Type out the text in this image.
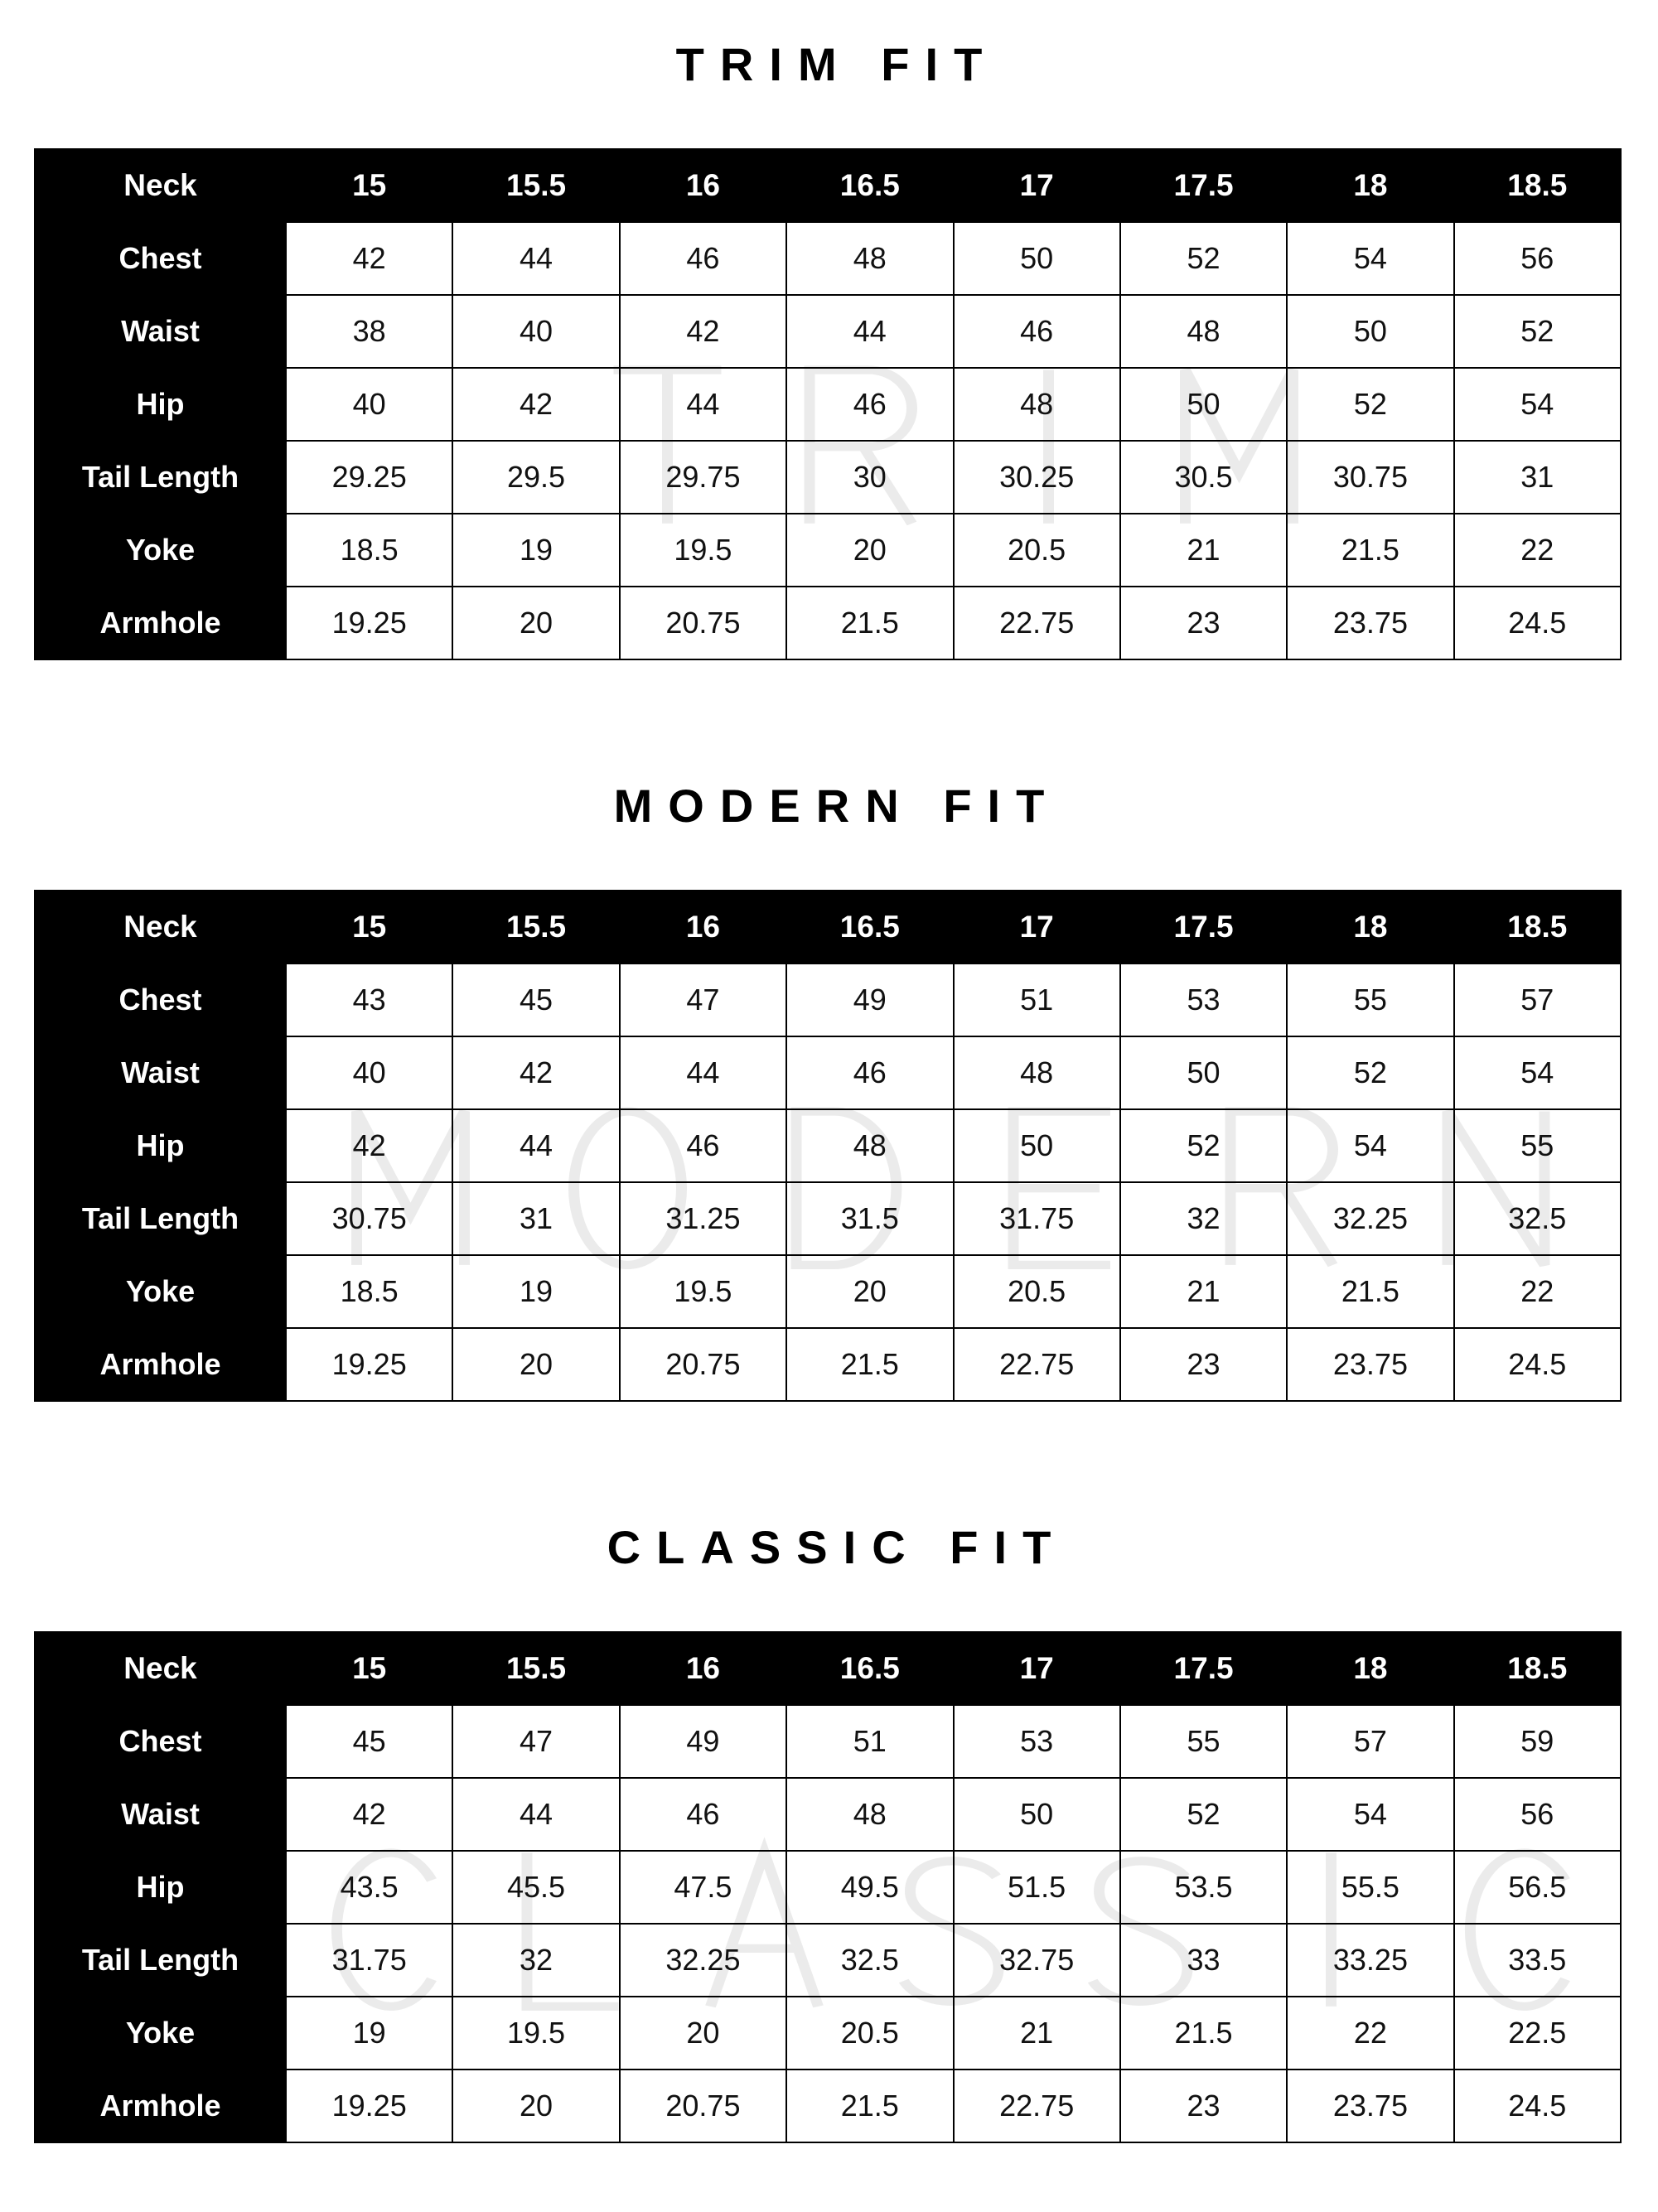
TRIM FIT
Neck	15	15.5	16	16.5	17	17.5	18	18.5
Chest	42	44	46	48	50	52	54	56
Waist	38	40	42	44	46	48	50	52
Hip	40	42	44	46	48	50	52	54
Tail Length	29.25	29.5	29.75	30	30.25	30.5	30.75	31
Yoke	18.5	19	19.5	20	20.5	21	21.5	22
Armhole	19.25	20	20.75	21.5	22.75	23	23.75	24.5
MODERN FIT
Neck	15	15.5	16	16.5	17	17.5	18	18.5
Chest	43	45	47	49	51	53	55	57
Waist	40	42	44	46	48	50	52	54
Hip	42	44	46	48	50	52	54	55
Tail Length	30.75	31	31.25	31.5	31.75	32	32.25	32.5
Yoke	18.5	19	19.5	20	20.5	21	21.5	22
Armhole	19.25	20	20.75	21.5	22.75	23	23.75	24.5
CLASSIC FIT
Neck	15	15.5	16	16.5	17	17.5	18	18.5
Chest	45	47	49	51	53	55	57	59
Waist	42	44	46	48	50	52	54	56
Hip	43.5	45.5	47.5	49.5	51.5	53.5	55.5	56.5
Tail Length	31.75	32	32.25	32.5	32.75	33	33.25	33.5
Yoke	19	19.5	20	20.5	21	21.5	22	22.5
Armhole	19.25	20	20.75	21.5	22.75	23	23.75	24.5
